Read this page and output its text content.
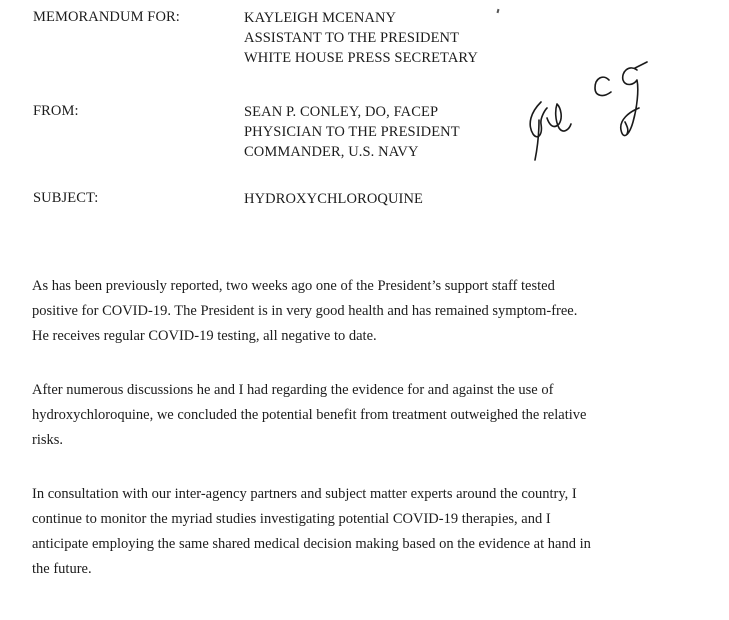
MEMORANDUM FOR:	KAYLEIGH MCENANY
ASSISTANT TO THE PRESIDENT
WHITE HOUSE PRESS SECRETARY
FROM:	SEAN P. CONLEY, DO, FACEP
PHYSICIAN TO THE PRESIDENT
COMMANDER, U.S. NAVY
SUBJECT:	HYDROXYCHLOROQUINE
As has been previously reported, two weeks ago one of the President’s support staff tested
positive for COVID-19. The President is in very good health and has remained symptom-free.
He receives regular COVID-19 testing, all negative to date.
After numerous discussions he and I had regarding the evidence for and against the use of
hydroxychloroquine, we concluded the potential benefit from treatment outweighed the relative
risks.
In consultation with our inter-agency partners and subject matter experts around the country, I
continue to monitor the myriad studies investigating potential COVID-19 therapies, and I
anticipate employing the same shared medical decision making based on the evidence at hand in
the future.
